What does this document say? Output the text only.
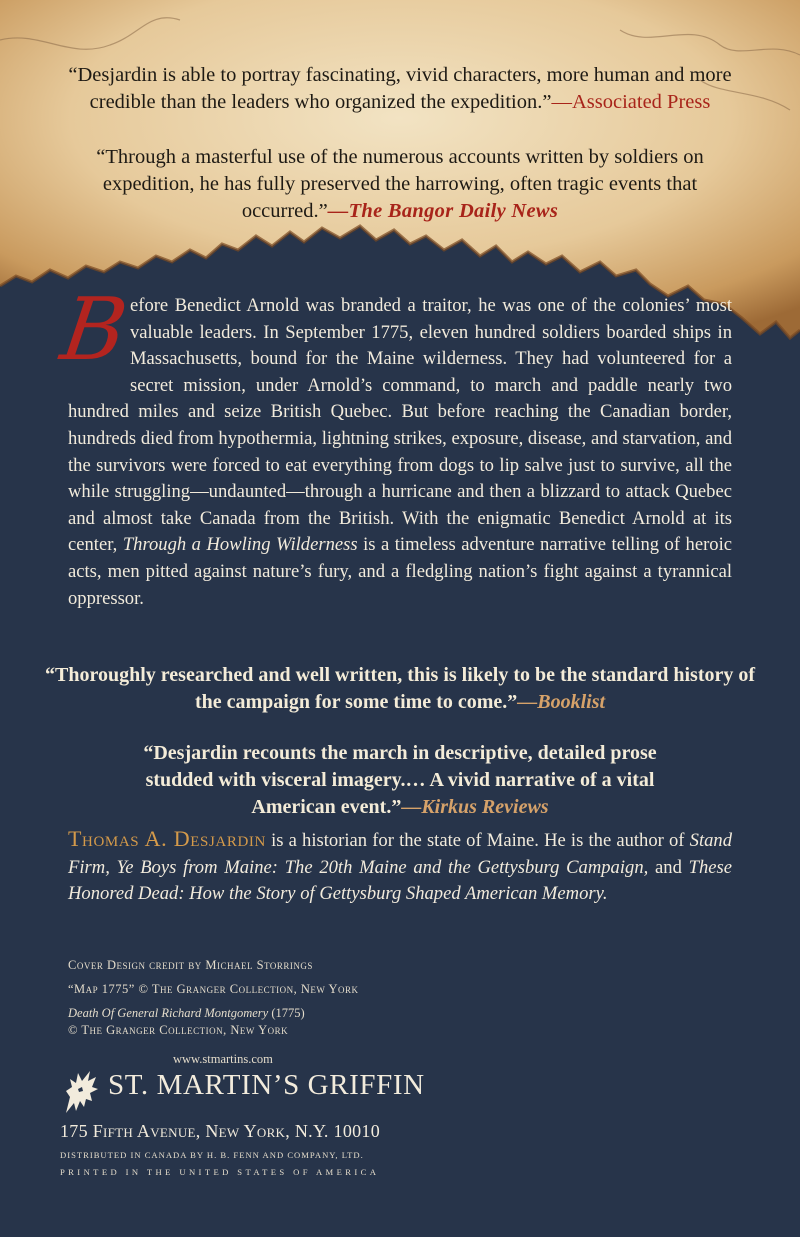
“Desjardin is able to portray fascinating, vivid characters, more human and more credible than the leaders who organized the expedition.”—Associated Press
“Through a masterful use of the numerous accounts written by soldiers on expedition, he has fully preserved the harrowing, often tragic events that occurred.”—The Bangor Daily News

B
efore Benedict Arnold was branded a traitor, he was one of the colonies’ most valuable leaders. In September 1775, eleven hundred soldiers boarded ships in Massachusetts, bound for the Maine wilderness. They had volunteered for a secret mission, under Arnold’s command, to march and paddle nearly two hundred miles and seize British Quebec. But before reaching the Canadian border, hundreds died from hypothermia, lightning strikes, exposure, disease, and starvation, and the survivors were forced to eat everything from dogs to lip salve just to survive, all the while struggling—undaunted—through a hurricane and then a blizzard to attack Quebec and almost take Canada from the British. With the enigmatic Benedict Arnold at its center, Through a Howling Wilderness is a timeless adventure narrative telling of heroic acts, men pitted against nature’s fury, and a fledgling nation’s fight against a tyrannical oppressor.

“Thoroughly researched and well written, this is likely to be the standard history of the campaign for some time to come.”—Booklist
“Desjardin recounts the march in descriptive, detailed prose studded with visceral imagery.… A vivid narrative of a vital American event.”—Kirkus Reviews

Thomas A. Desjardin is a historian for the state of Maine. He is the author of Stand Firm, Ye Boys from Maine: The 20th Maine and the Gettysburg Campaign, and These Honored Dead: How the Story of Gettysburg Shaped American Memory.

Cover Design credit by Michael Storrings
“Map 1775” © The Granger Collection, New York
Death Of General Richard Montgomery (1775)
© The Granger Collection, New York
www.stmartins.com
ST. MARTIN’S GRIFFIN
175 Fifth Avenue, New York, N.Y. 10010
DISTRIBUTED IN CANADA BY H. B. FENN AND COMPANY, LTD.
PRINTED IN THE UNITED STATES OF AMERICA
